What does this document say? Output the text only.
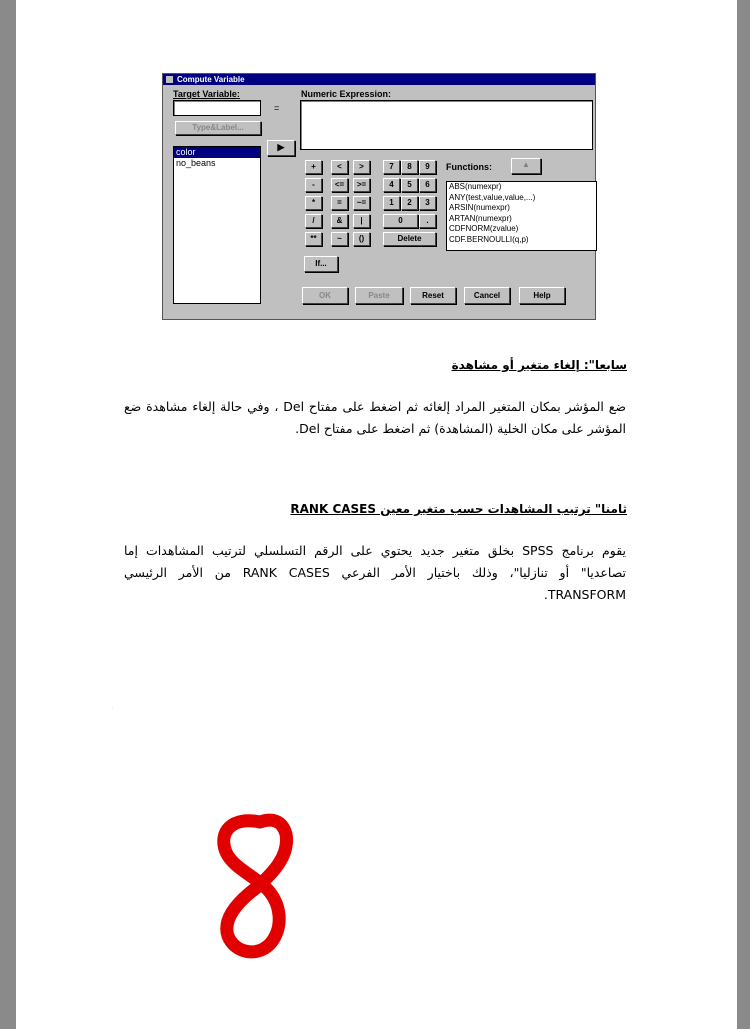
Compute Variable
Target Variable:
=
Type&Label...
Numeric Expression:
color
no_beans
▶
+	<	>	7	8	9
-	<=	>=	4	5	6
*	=	~=	1	2	3
/	&	|	0	.
**	~	()	Delete
Functions:	▲
ABS(numexpr)
ANY(test,value,value,...)
ARSIN(numexpr)
ARTAN(numexpr)
CDFNORM(zvalue)
CDF.BERNOULLI(q,p)
If...
OK	Paste	Reset	Cancel	Help
سابعا": إلغاء متغير أو مشاهدة
ضع المؤشر بمكان المتغير المراد إلغائه ثم اضغط على مفتاح Del ، وفي حالة إلغاء مشاهدة ضع المؤشر على مكان الخلية (المشاهدة) ثم اضغط على مفتاح Del.
ثامنا" ترتيب المشاهدات حسب متغير معين RANK CASES
يقوم برنامج SPSS بخلق متغير جديد يحتوي على الرقم التسلسلي لترتيب المشاهدات إما تصاعديا" أو تنازليا"، وذلك باختيار الأمر الفرعي RANK CASES من الأمر الرئيسي TRANSFORM.
8
